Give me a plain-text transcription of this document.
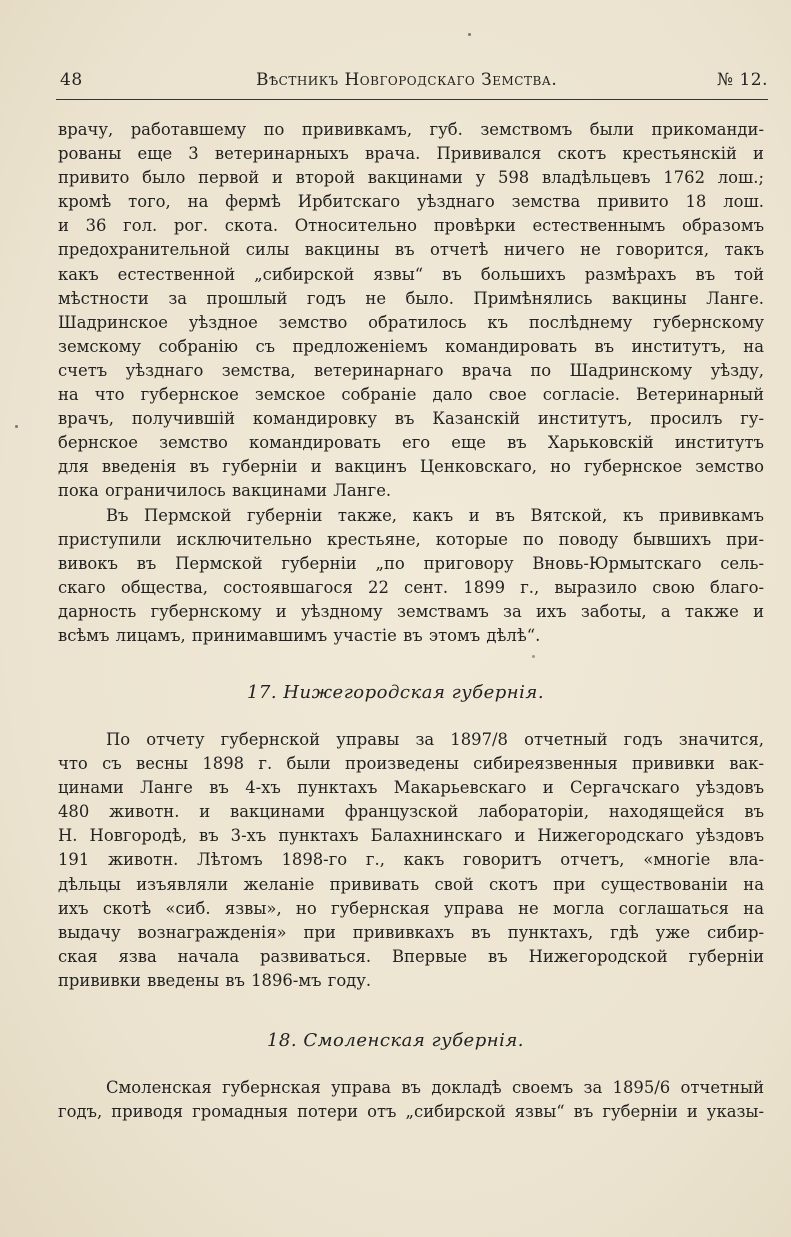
48	Вѣстникъ Новгородскаго Земства.	№ 12.
врачу, работавшему по прививкамъ, губ. земствомъ были прикоманди-
рованы еще 3 ветеринарныхъ врача. Прививался скотъ крестьянскій и
привито было первой и второй вакцинами у 598 владѣльцевъ 1762 лош.;
кромѣ того, на фермѣ Ирбитскаго уѣзднаго земства привито 18 лош.
и 36 гол. рог. скота. Относительно провѣрки естественнымъ образомъ
предохранительной силы вакцины въ отчетѣ ничего не говорится, такъ
какъ естественной „сибирской язвы“ въ большихъ размѣрахъ въ той
мѣстности за прошлый годъ не было. Примѣнялись вакцины Ланге.
Шадринское уѣздное земство обратилось къ послѣднему губернскому
земскому собранію съ предложеніемъ командировать въ институтъ, на
счетъ уѣзднаго земства, ветеринарнаго врача по Шадринскому уѣзду,
на что губернское земское собраніе дало свое согласіе. Ветеринарный
врачъ, получившій командировку въ Казанскій институтъ, просилъ гу-
бернское земство командировать его еще въ Харьковскій институтъ
для введенія въ губерніи и вакцинъ Ценковскаго, но губернское земство
пока ограничилось вакцинами Ланге.
Въ Пермской губерніи также, какъ и въ Вятской, къ прививкамъ
приступили исключительно крестьяне, которые по поводу бывшихъ при-
вивокъ въ Пермской губерніи „по приговору Вновь-Юрмытскаго сель-
скаго общества, состоявшагося 22 сент. 1899 г., выразило свою благо-
дарность губернскому и уѣздному земствамъ за ихъ заботы, а также и
всѣмъ лицамъ, принимавшимъ участіе въ этомъ дѣлѣ“.
17. Нижегородская губернія.
По отчету губернской управы за 1897/8 отчетный годъ значится,
что съ весны 1898 г. были произведены сибиреязвенныя прививки вак-
цинами Ланге въ 4-хъ пунктахъ Макарьевскаго и Сергачскаго уѣздовъ
480 животн. и вакцинами французской лабораторіи, находящейся въ
Н. Новгородѣ, въ 3-хъ пунктахъ Балахнинскаго и Нижегородскаго уѣздовъ
191 животн. Лѣтомъ 1898-го г., какъ говоритъ отчетъ, «многіе вла-
дѣльцы изъявляли желаніе прививать свой скотъ при существованіи на
ихъ скотѣ «сиб. язвы», но губернская управа не могла соглашаться на
выдачу вознагражденія» при прививкахъ въ пунктахъ, гдѣ уже сибир-
ская язва начала развиваться. Впервые въ Нижегородской губерніи
прививки введены въ 1896-мъ году.
18. Смоленская губернія.
Смоленская губернская управа въ докладѣ своемъ за 1895/6 отчетный
годъ, приводя громадныя потери отъ „сибирской язвы“ въ губерніи и указы-
